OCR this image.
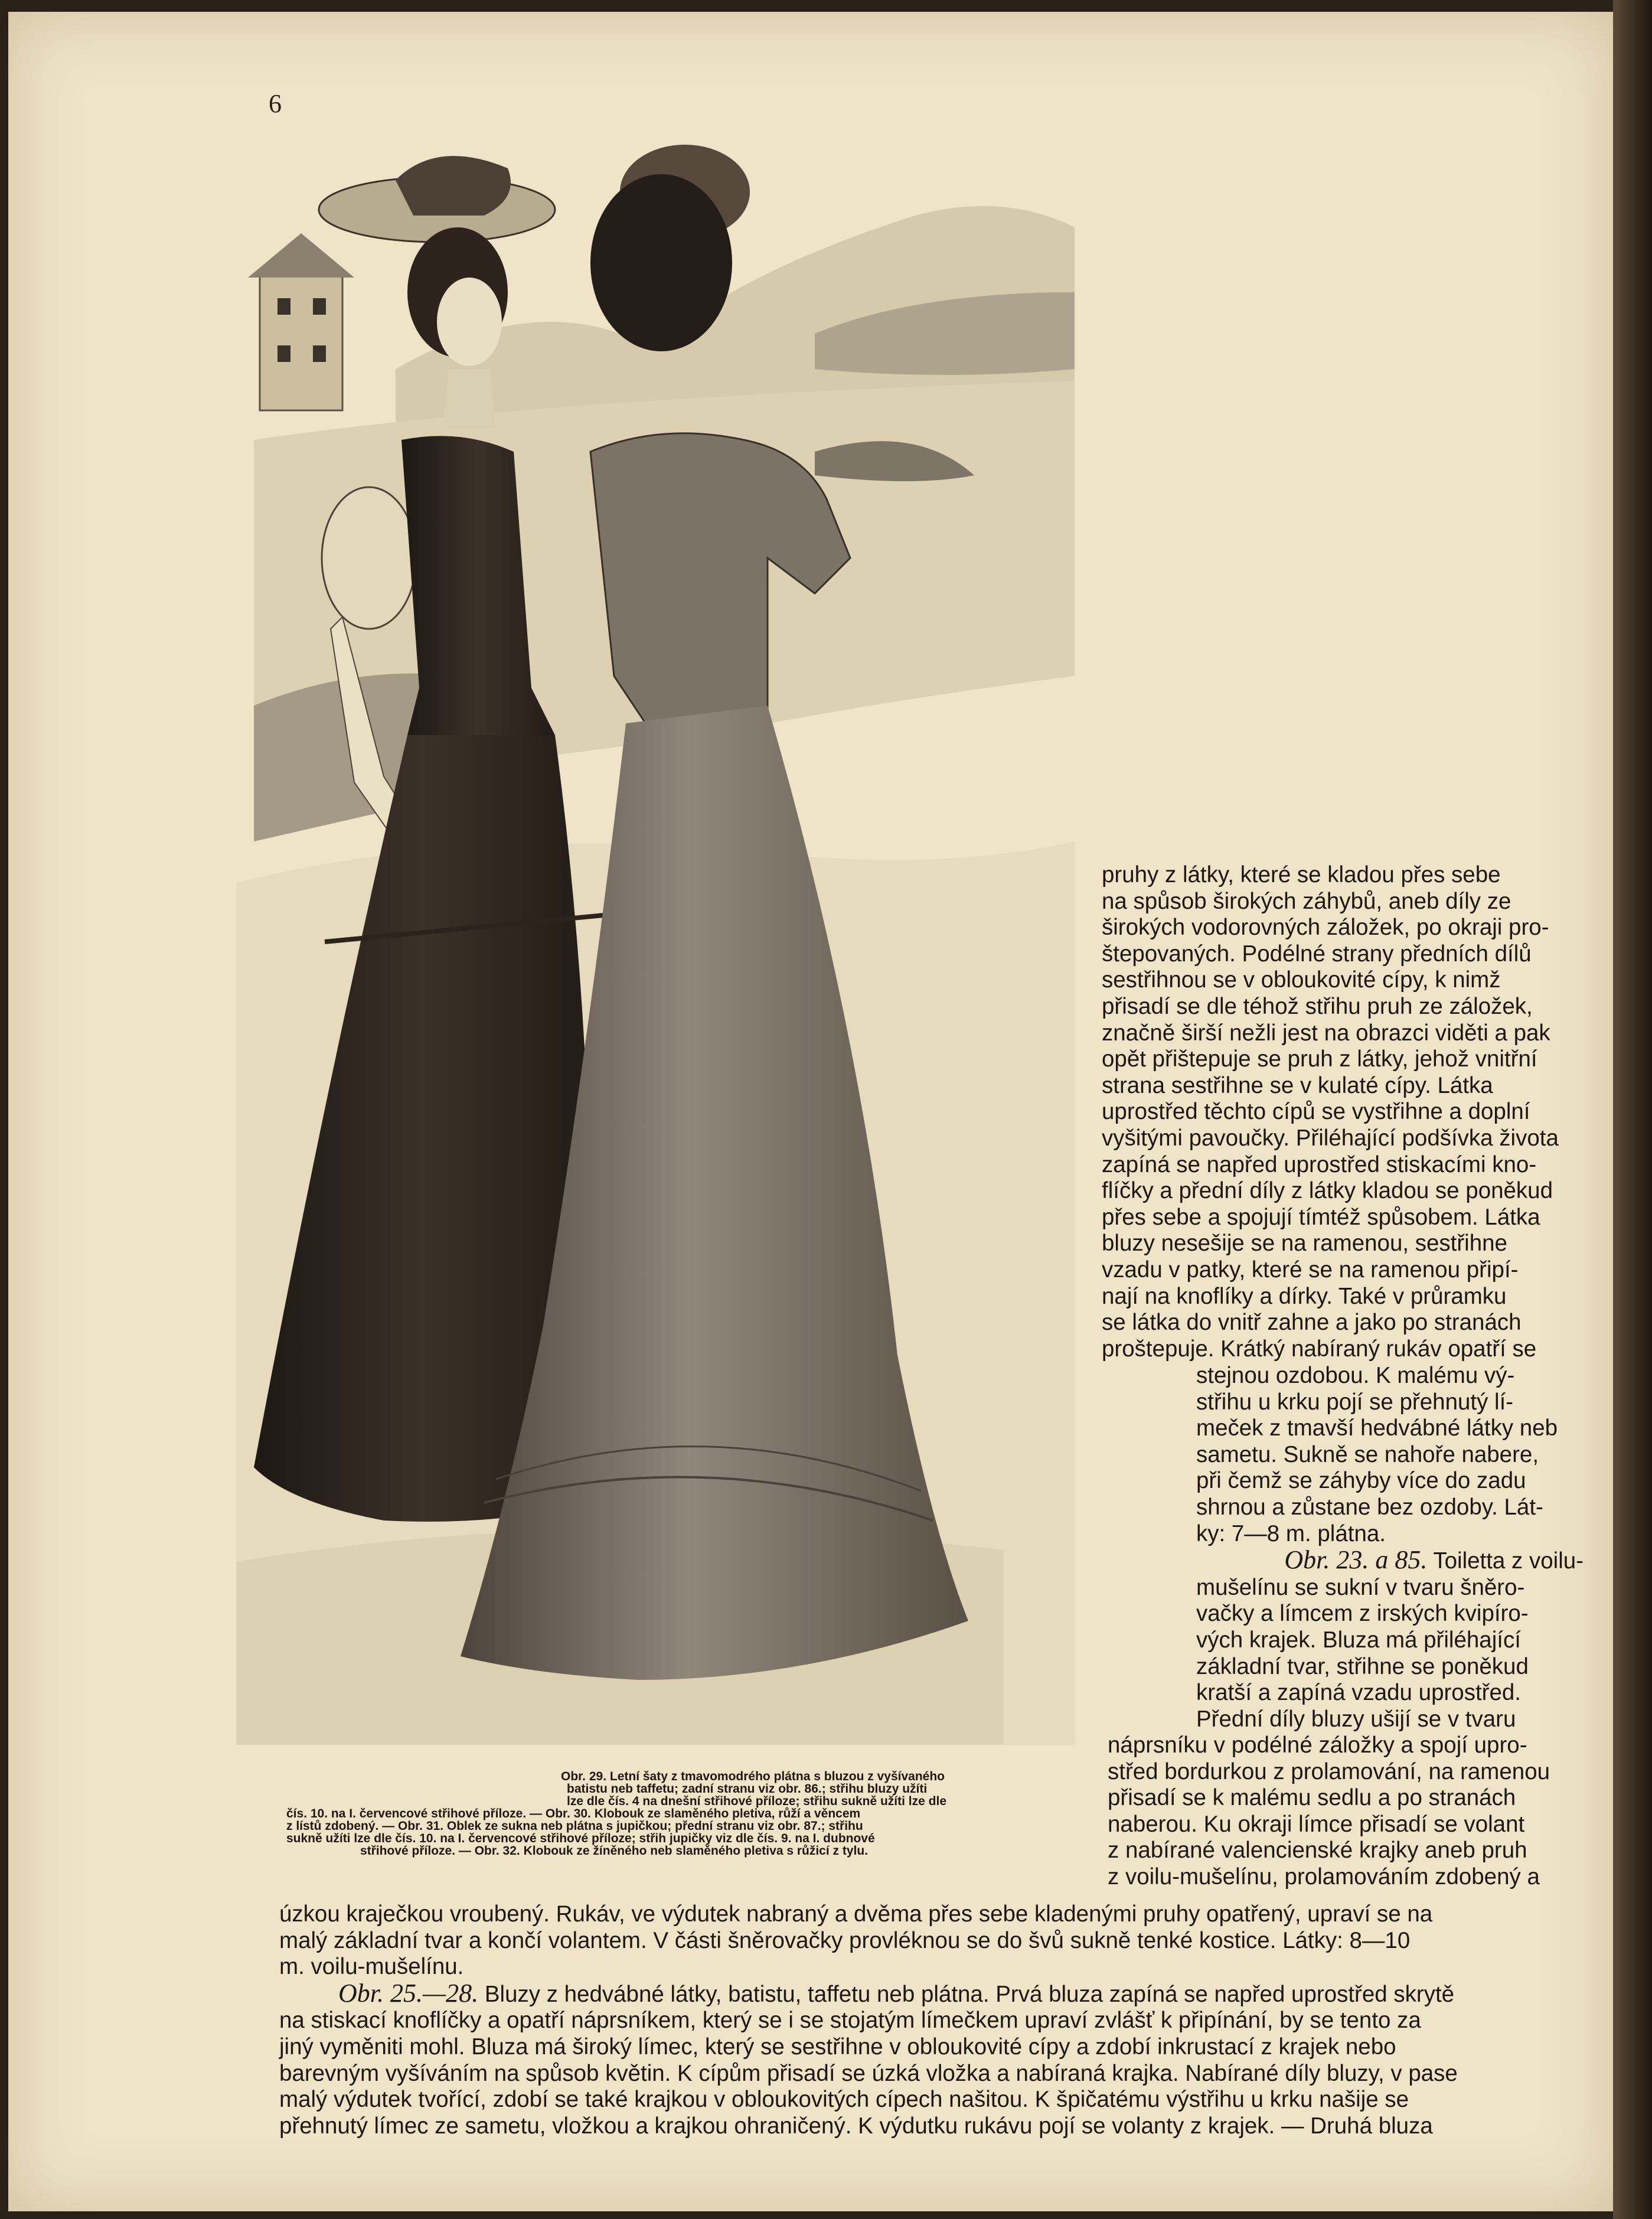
6

pruhy z látky, které se kladou přes sebe

na spůsob širokých záhybů, aneb díly ze

širokých vodorovných záložek, po okraji pro-

štepovaných. Podélné strany předních dílů

sestřihnou se v obloukovité cípy, k nimž

přisadí se dle téhož střihu pruh ze záložek,

značně širší nežli jest na obrazci viděti a pak

opět přištepuje se pruh z látky, jehož vnitřní

strana sestřihne se v kulaté cípy. Látka

uprostřed těchto cípů se vystřihne a doplní

vyšitými pavoučky. Přiléhající podšívka života

zapíná se napřed uprostřed stiskacími kno-

flíčky a přední díly z látky kladou se poněkud

přes sebe a spojují tímtéž spůsobem. Látka

bluzy nesešije se na ramenou, sestřihne

vzadu v patky, které se na ramenou připí-

nají na knoflíky a dírky. Také v průramku

se látka do vnitř zahne a jako po stranách

proštepuje. Krátký nabíraný rukáv opatří se

stejnou ozdobou. K malému vý-

střihu u krku pojí se přehnutý lí-

meček z tmavší hedvábné látky neb

sametu. Sukně se nahoře nabere,

při čemž se záhyby více do zadu

shrnou a zůstane bez ozdoby. Lát-

ky: 7—8 m. plátna.

Obr. 23. a 85. Toiletta z voilu-

mušelínu se sukní v tvaru šněro-

vačky a límcem z irských kvipíro-

vých krajek. Bluza má přiléhající

základní tvar, střihne se poněkud

kratší a zapíná vzadu uprostřed.

Přední díly bluzy ušijí se v tvaru

náprsníku v podélné záložky a spojí upro-

střed bordurkou z prolamování, na ramenou

přisadí se k malému sedlu a po stranách

naberou. Ku okraji límce přisadí se volant

z nabírané valencienské krajky aneb pruh

z voilu-mušelínu, prolamováním zdobený a

Obr. 29. Letní šaty z tmavomodrého plátna s bluzou z vyšívaného
batistu neb taffetu; zadní stranu viz obr. 86.; střihu bluzy užíti
lze dle čís. 4 na dnešní střihové příloze; střihu sukně užíti lze dle
čís. 10. na I. červencové střihové příloze. — Obr. 30. Klobouk ze slaměného pletiva, růží a věncem
z lístů zdobený. — Obr. 31. Oblek ze sukna neb plátna s jupičkou; přední stranu viz obr. 87.; střihu
sukně užíti lze dle čís. 10. na I. červencové střihové příloze; střih jupičky viz dle čís. 9. na I. dubnové
střihové příloze. — Obr. 32. Klobouk ze žíněného neb slaměného pletiva s růžicí z tylu.

úzkou kraječkou vroubený. Rukáv, ve výdutek nabraný a dvěma přes sebe kladenými pruhy opatřený, upraví se na

malý základní tvar a končí volantem. V části šněrovačky provléknou se do švů sukně tenké kostice. Látky: 8—10

m. voilu-mušelínu.

Obr. 25.—28. Bluzy z hedvábné látky, batistu, taffetu neb plátna. Prvá bluza zapíná se napřed uprostřed skrytě

na stiskací knoflíčky a opatří náprsníkem, který se i se stojatým límečkem upraví zvlášť k připínání, by se tento za

jiný vyměniti mohl. Bluza má široký límec, který se sestřihne v obloukovité cípy a zdobí inkrustací z krajek nebo

barevným vyšíváním na spůsob květin. K cípům přisadí se úzká vložka a nabíraná krajka. Nabírané díly bluzy, v pase

malý výdutek tvořící, zdobí se také krajkou v obloukovitých cípech našitou. K špičatému výstřihu u krku našije se

přehnutý límec ze sametu, vložkou a krajkou ohraničený. K výdutku rukávu pojí se volanty z krajek. — Druhá bluza
